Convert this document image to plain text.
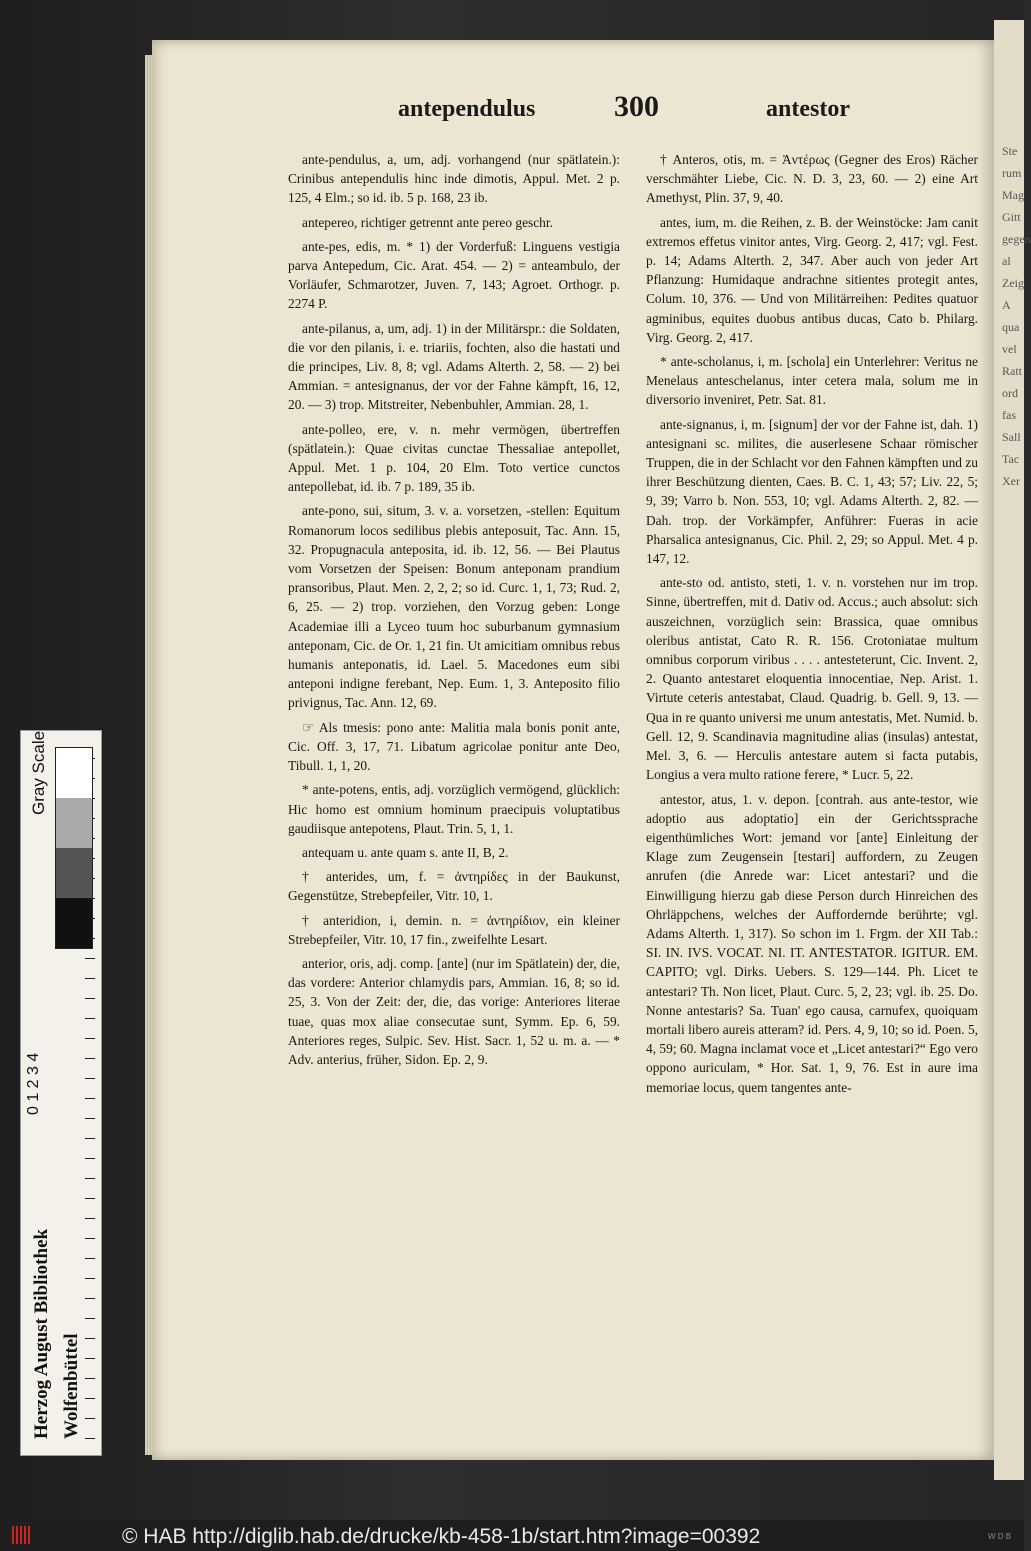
Ste
rum
Mag
Gitt
gegen
al
Zeig
A
qua
vel
Ratt
ord
fas
Sall
Tac
Xer
antependulus	300	antestor
ante-pendulus, a, um, adj. vorhangend (nur spätlatein.): Crinibus antependulis hinc inde dimotis, Appul. Met. 2 p. 125, 4 Elm.; so id. ib. 5 p. 168, 23 ib.
antepereo, richtiger getrennt ante pereo geschr.
ante-pes, edis, m. * 1) der Vorderfuß: Linguens vestigia parva Antepedum, Cic. Arat. 454. — 2) = anteambulo, der Vorläufer, Schmarotzer, Juven. 7, 143; Agroet. Orthogr. p. 2274 P.
ante-pilanus, a, um, adj. 1) in der Militärspr.: die Soldaten, die vor den pilanis, i. e. triariis, fochten, also die hastati und die principes, Liv. 8, 8; vgl. Adams Alterth. 2, 58. — 2) bei Ammian. = antesignanus, der vor der Fahne kämpft, 16, 12, 20. — 3) trop. Mitstreiter, Nebenbuhler, Ammian. 28, 1.
ante-polleo, ere, v. n. mehr vermögen, übertreffen (spätlatein.): Quae civitas cunctae Thessaliae antepollet, Appul. Met. 1 p. 104, 20 Elm. Toto vertice cunctos antepollebat, id. ib. 7 p. 189, 35 ib.
ante-pono, sui, situm, 3. v. a. vorsetzen, -stellen: Equitum Romanorum locos sedilibus plebis anteposuit, Tac. Ann. 15, 32. Propugnacula anteposita, id. ib. 12, 56. — Bei Plautus vom Vorsetzen der Speisen: Bonum anteponam prandium pransoribus, Plaut. Men. 2, 2, 2; so id. Curc. 1, 1, 73; Rud. 2, 6, 25. — 2) trop. vorziehen, den Vorzug geben: Longe Academiae illi a Lyceo tuum hoc suburbanum gymnasium anteponam, Cic. de Or. 1, 21 fin. Ut amicitiam omnibus rebus humanis anteponatis, id. Lael. 5. Macedones eum sibi anteponi indigne ferebant, Nep. Eum. 1, 3. Anteposito filio privignus, Tac. Ann. 12, 69.
☞ Als tmesis: pono ante: Malitia mala bonis ponit ante, Cic. Off. 3, 17, 71. Libatum agricolae ponitur ante Deo, Tibull. 1, 1, 20.
* ante-potens, entis, adj. vorzüglich vermögend, glücklich: Hic homo est omnium hominum praecipuis voluptatibus gaudiisque antepotens, Plaut. Trin. 5, 1, 1.
antequam u. ante quam s. ante II, B, 2.
† anterides, um, f. = ἀντηρίδες in der Baukunst, Gegenstütze, Strebepfeiler, Vitr. 10, 1.
† anteridion, i, demin. n. = ἀντηρίδιον, ein kleiner Strebepfeiler, Vitr. 10, 17 fin., zweifelhte Lesart.
anterior, oris, adj. comp. [ante] (nur im Spätlatein) der, die, das vordere: Anterior chlamydis pars, Ammian. 16, 8; so id. 25, 3. Von der Zeit: der, die, das vorige: Anteriores literae tuae, quas mox aliae consecutae sunt, Symm. Ep. 6, 59. Anteriores reges, Sulpic. Sev. Hist. Sacr. 1, 52 u. m. a. — * Adv. anterius, früher, Sidon. Ep. 2, 9.
† Anteros, otis, m. = Ἀντέρως (Gegner des Eros) Rächer verschmähter Liebe, Cic. N. D. 3, 23, 60. — 2) eine Art Amethyst, Plin. 37, 9, 40.
antes, ium, m. die Reihen, z. B. der Weinstöcke: Jam canit extremos effetus vinitor antes, Virg. Georg. 2, 417; vgl. Fest. p. 14; Adams Alterth. 2, 347. Aber auch von jeder Art Pflanzung: Humidaque andrachne sitientes protegit antes, Colum. 10, 376. — Und von Militärreihen: Pedites quatuor agminibus, equites duobus antibus ducas, Cato b. Philarg. Virg. Georg. 2, 417.
* ante-scholanus, i, m. [schola] ein Unterlehrer: Veritus ne Menelaus anteschelanus, inter cetera mala, solum me in diversorio inveniret, Petr. Sat. 81.
ante-signanus, i, m. [signum] der vor der Fahne ist, dah. 1) antesignani sc. milites, die auserlesene Schaar römischer Truppen, die in der Schlacht vor den Fahnen kämpften und zu ihrer Beschützung dienten, Caes. B. C. 1, 43; 57; Liv. 22, 5; 9, 39; Varro b. Non. 553, 10; vgl. Adams Alterth. 2, 82. — Dah. trop. der Vorkämpfer, Anführer: Fueras in acie Pharsalica antesignanus, Cic. Phil. 2, 29; so Appul. Met. 4 p. 147, 12.
ante-sto od. antisto, steti, 1. v. n. vorstehen nur im trop. Sinne, übertreffen, mit d. Dativ od. Accus.; auch absolut: sich auszeichnen, vorzüglich sein: Brassica, quae omnibus oleribus antistat, Cato R. R. 156. Crotoniatae multum omnibus corporum viribus . . . . antesteterunt, Cic. Invent. 2, 2. Quanto antestaret eloquentia innocentiae, Nep. Arist. 1. Virtute ceteris antestabat, Claud. Quadrig. b. Gell. 9, 13. — Qua in re quanto universi me unum antestatis, Met. Numid. b. Gell. 12, 9. Scandinavia magnitudine alias (insulas) antestat, Mel. 3, 6. — Herculis antestare autem si facta putabis, Longius a vera multo ratione ferere, * Lucr. 5, 22.
antestor, atus, 1. v. depon. [contrah. aus ante-testor, wie adoptio aus adoptatio] ein der Gerichtssprache eigenthümliches Wort: jemand vor [ante] Einleitung der Klage zum Zeugensein [testari] auffordern, zu Zeugen anrufen (die Anrede war: Licet antestari? und die Einwilligung hierzu gab diese Person durch Hinreichen des Ohrläppchens, welches der Auffordernde berührte; vgl. Adams Alterth. 1, 317). So schon im 1. Frgm. der XII Tab.: SI. IN. IVS. VOCAT. NI. IT. ANTESTATOR. IGITUR. EM. CAPITO; vgl. Dirks. Uebers. S. 129—144. Ph. Licet te antestari? Th. Non licet, Plaut. Curc. 5, 2, 23; vgl. ib. 25. Do. Nonne antestaris? Sa. Tuan' ego causa, carnufex, quoiquam mortali libero aureis atteram? id. Pers. 4, 9, 10; so id. Poen. 5, 4, 59; 60. Magna inclamat voce et „Licet antestari?“ Ego vero oppono auriculam, * Hor. Sat. 1, 9, 76. Est in aure ima memoriae locus, quem tangentes ante-
Herzog August Bibliothek Wolfenbüttel
0 1 2 3 4
Gray Scale
© HAB http://diglib.hab.de/drucke/kb-458-1b/start.htm?image=00392	W D B
